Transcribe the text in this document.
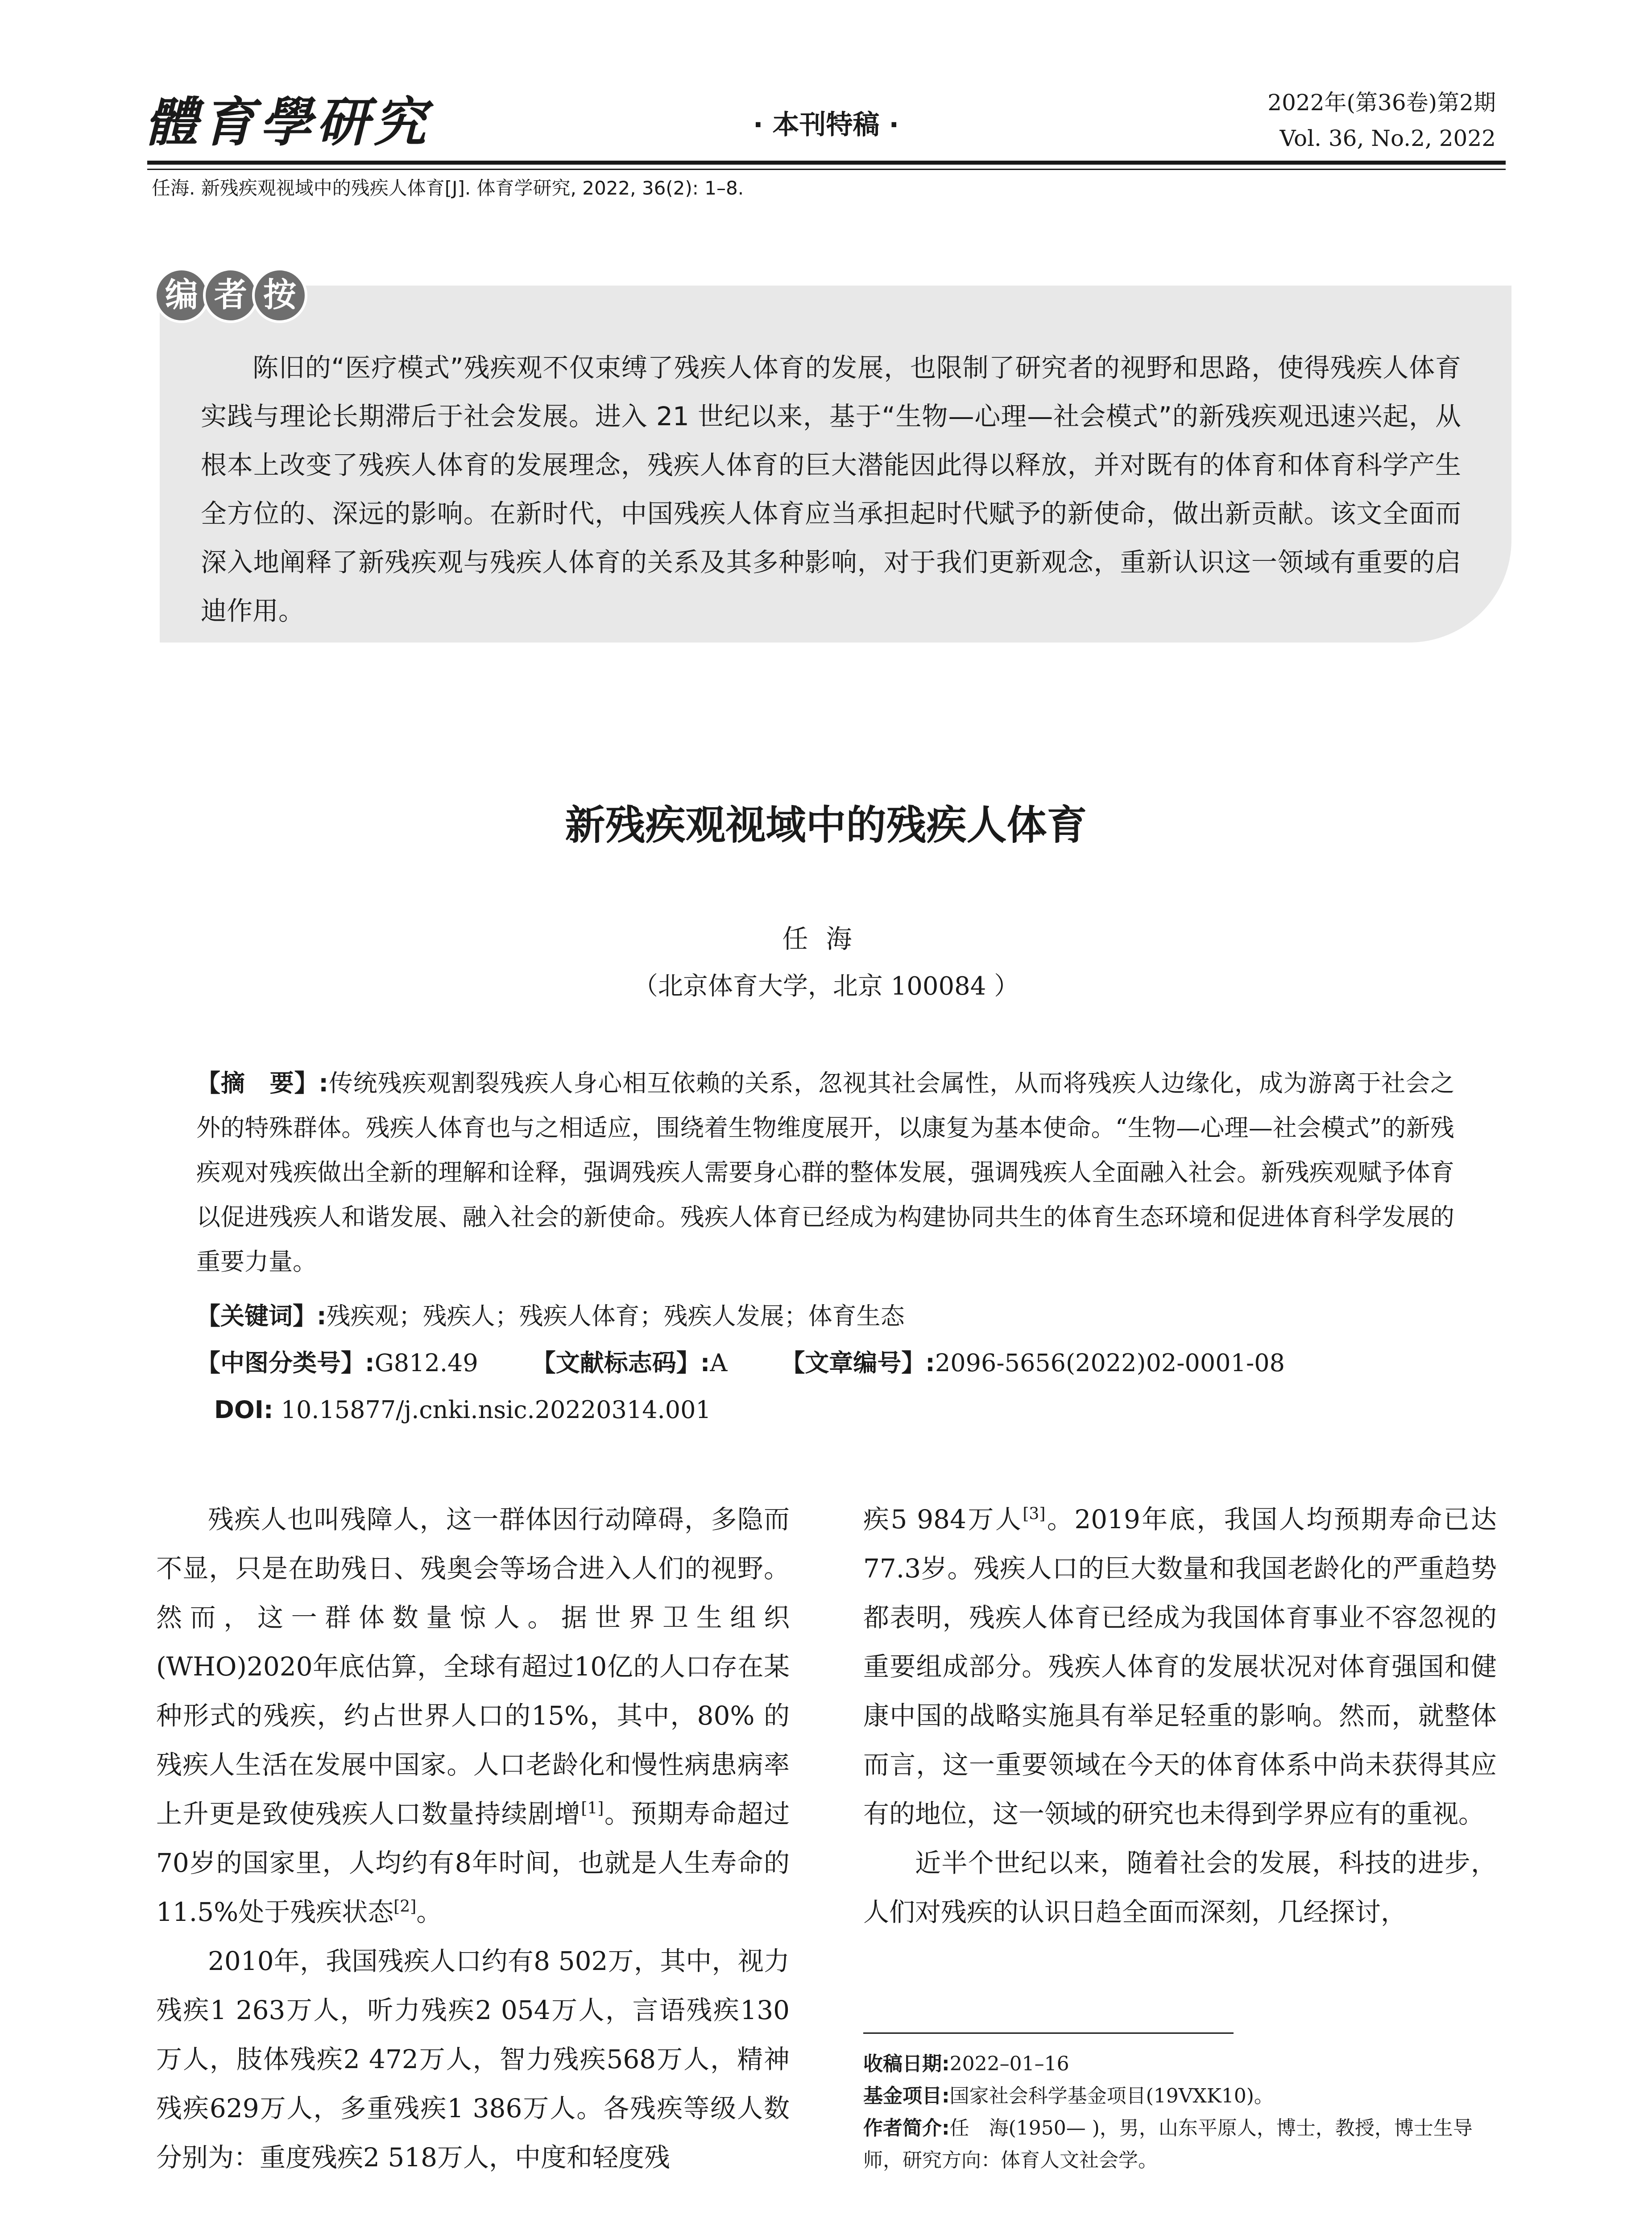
體育學研究	· 本刊特稿 ·
2022年(第36卷)第2期
Vol. 36, No.2, 2022
任海. 新残疾观视域中的残疾人体育[J]. 体育学研究, 2022, 36(2): 1–8.
编 者 按

陈旧的“医疗模式”残疾观不仅束缚了残疾人体育的发展，也限制了研究者的视野和思路，使得残疾人体育实践与理论长期滞后于社会发展。进入 21 世纪以来，基于“生物—心理—社会模式”的新残疾观迅速兴起，从根本上改变了残疾人体育的发展理念，残疾人体育的巨大潜能因此得以释放，并对既有的体育和体育科学产生全方位的、深远的影响。在新时代，中国残疾人体育应当承担起时代赋予的新使命，做出新贡献。该文全面而深入地阐释了新残疾观与残疾人体育的关系及其多种影响，对于我们更新观念，重新认识这一领域有重要的启迪作用。

新残疾观视域中的残疾人体育
任海
（北京体育大学，北京 100084 ）

【摘　要】:传统残疾观割裂残疾人身心相互依赖的关系，忽视其社会属性，从而将残疾人边缘化，成为游离于社会之外的特殊群体。残疾人体育也与之相适应，围绕着生物维度展开，以康复为基本使命。“生物—心理—社会模式”的新残疾观对残疾做出全新的理解和诠释，强调残疾人需要身心群的整体发展，强调残疾人全面融入社会。新残疾观赋予体育以促进残疾人和谐发展、融入社会的新使命。残疾人体育已经成为构建协同共生的体育生态环境和促进体育科学发展的重要力量。

【关键词】:残疾观；残疾人；残疾人体育；残疾人发展；体育生态
【中图分类号】:G812.49 【文献标志码】:A 【文章编号】:2096-5656(2022)02-0001-08
DOI: 10.15877/j.cnki.nsic.20220314.001

残疾人也叫残障人，这一群体因行动障碍，多隐而不显，只是在助残日、残奥会等场合进入人们的视野。然而，这一群体数量惊人。据世界卫生组织(WHO)2020年底估算，全球有超过10亿的人口存在某种形式的残疾，约占世界人口的15%，其中，80% 的残疾人生活在发展中国家。人口老龄化和慢性病患病率上升更是致使残疾人口数量持续剧增[1]。预期寿命超过70岁的国家里，人均约有8年时间，也就是人生寿命的11.5%处于残疾状态[2]。

2010年，我国残疾人口约有8 502万，其中，视力残疾1 263万人，听力残疾2 054万人，言语残疾130万人，肢体残疾2 472万人，智力残疾568万人，精神残疾629万人，多重残疾1 386万人。各残疾等级人数分别为：重度残疾2 518万人，中度和轻度残

疾5 984万人[3]。2019年底，我国人均预期寿命已达77.3岁。残疾人口的巨大数量和我国老龄化的严重趋势都表明，残疾人体育已经成为我国体育事业不容忽视的重要组成部分。残疾人体育的发展状况对体育强国和健康中国的战略实施具有举足轻重的影响。然而，就整体而言，这一重要领域在今天的体育体系中尚未获得其应有的地位，这一领域的研究也未得到学界应有的重视。

近半个世纪以来，随着社会的发展，科技的进步，人们对残疾的认识日趋全面而深刻，几经探讨，

收稿日期:2022–01–16
基金项目:国家社会科学基金项目(19VXK10)。
作者简介:任　海(1950— )，男，山东平原人，博士，教授，博士生导师，研究方向：体育人文社会学。
